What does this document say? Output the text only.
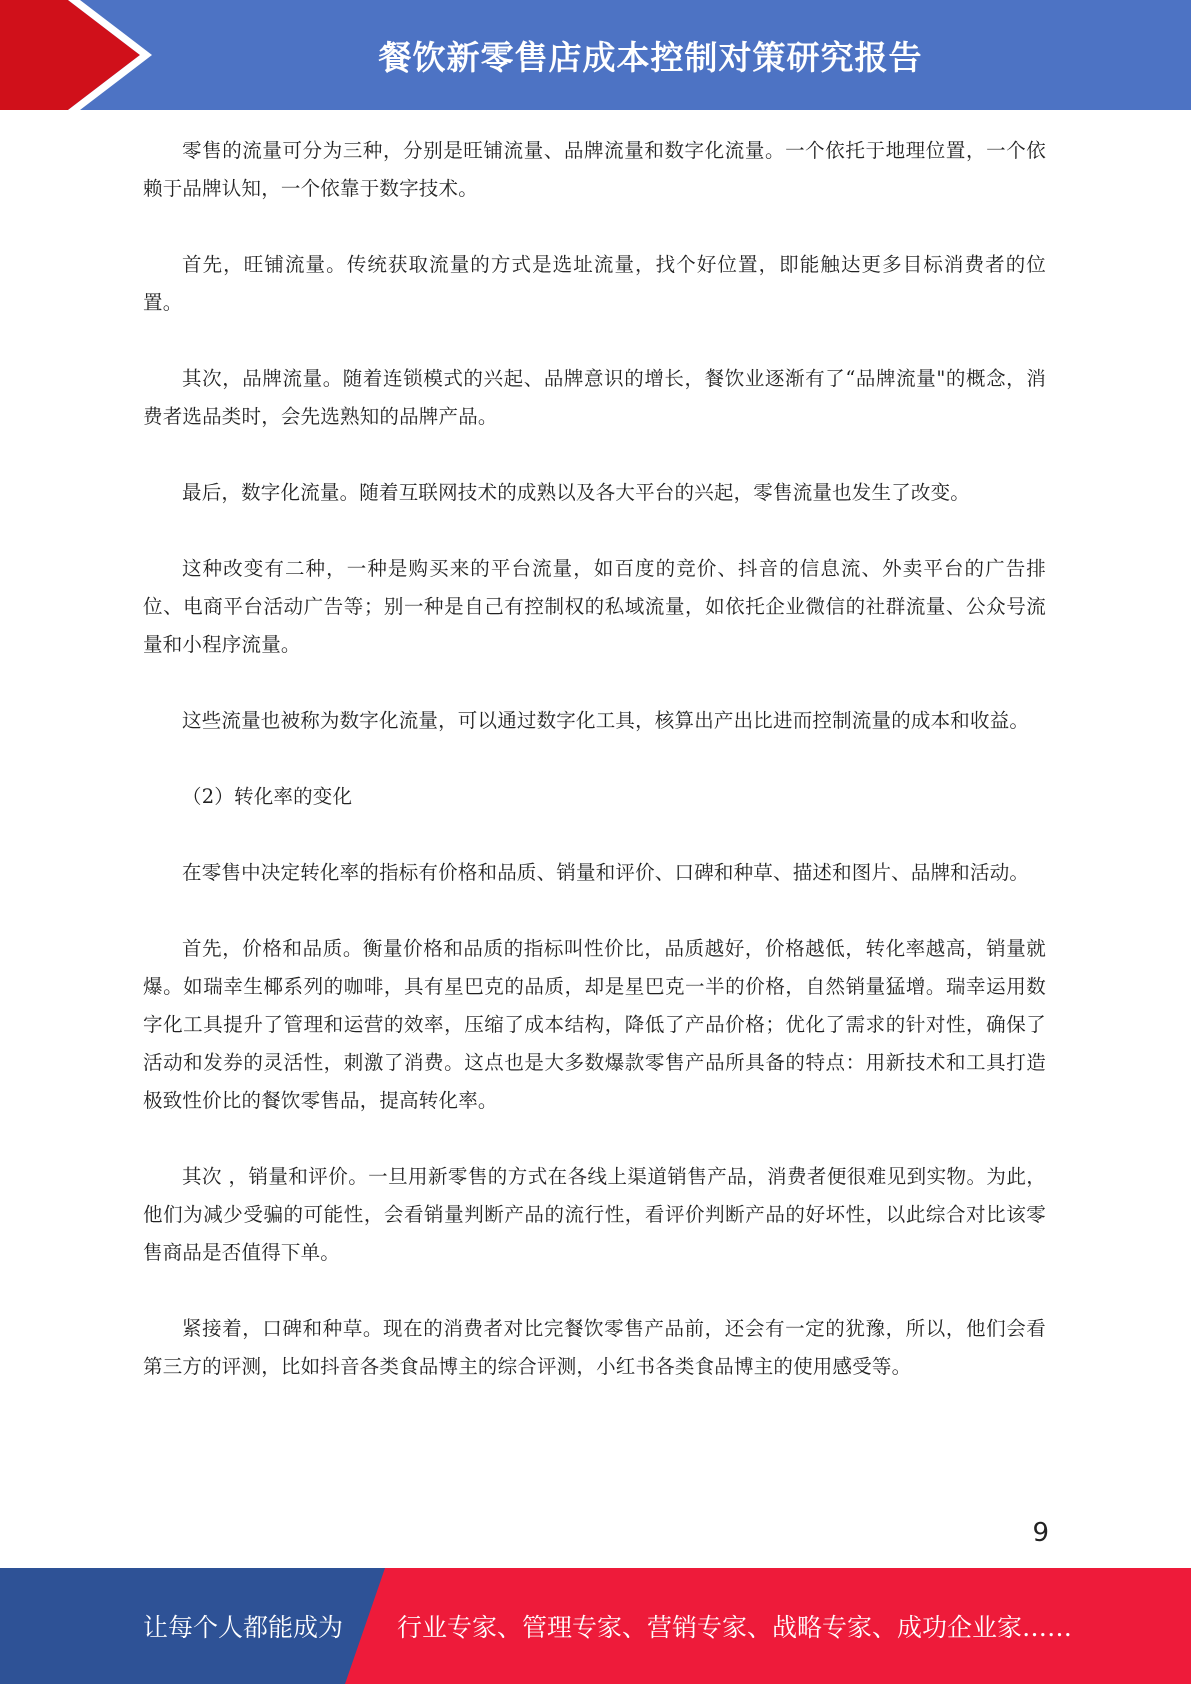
餐饮新零售店成本控制对策研究报告

零售的流量可分为三种，分别是旺铺流量、品牌流量和数字化流量。一个依托于地理位置，一个依赖于品牌认知，一个依靠于数字技术。

首先，旺铺流量。传统获取流量的方式是选址流量，找个好位置，即能触达更多目标消费者的位置。

其次，品牌流量。随着连锁模式的兴起、品牌意识的增长，餐饮业逐渐有了“品牌流量"的概念，消费者选品类时，会先选熟知的品牌产品。

最后，数字化流量。随着互联网技术的成熟以及各大平台的兴起，零售流量也发生了改变。

这种改变有二种，一种是购买来的平台流量，如百度的竞价、抖音的信息流、外卖平台的广告排位、电商平台活动广告等；别一种是自己有控制权的私域流量，如依托企业微信的社群流量、公众号流量和小程序流量。

这些流量也被称为数字化流量，可以通过数字化工具，核算出产出比进而控制流量的成本和收益。

（2）转化率的变化

在零售中决定转化率的指标有价格和品质、销量和评价、口碑和种草、描述和图片、品牌和活动。

首先，价格和品质。衡量价格和品质的指标叫性价比，品质越好，价格越低，转化率越高，销量就爆。如瑞幸生椰系列的咖啡，具有星巴克的品质，却是星巴克一半的价格，自然销量猛增。瑞幸运用数字化工具提升了管理和运营的效率，压缩了成本结构，降低了产品价格；优化了需求的针对性，确保了活动和发券的灵活性，刺激了消费。这点也是大多数爆款零售产品所具备的特点：用新技术和工具打造极致性价比的餐饮零售品，提高转化率。

其次 ，销量和评价。一旦用新零售的方式在各线上渠道销售产品，消费者便很难见到实物。为此，他们为减少受骗的可能性，会看销量判断产品的流行性，看评价判断产品的好坏性，以此综合对比该零售商品是否值得下单。

紧接着，口碑和种草。现在的消费者对比完餐饮零售产品前，还会有一定的犹豫，所以，他们会看第三方的评测，比如抖音各类食品博主的综合评测，小红书各类食品博主的使用感受等。

9
让每个人都能成为 行业专家、管理专家、营销专家、战略专家、成功企业家……
